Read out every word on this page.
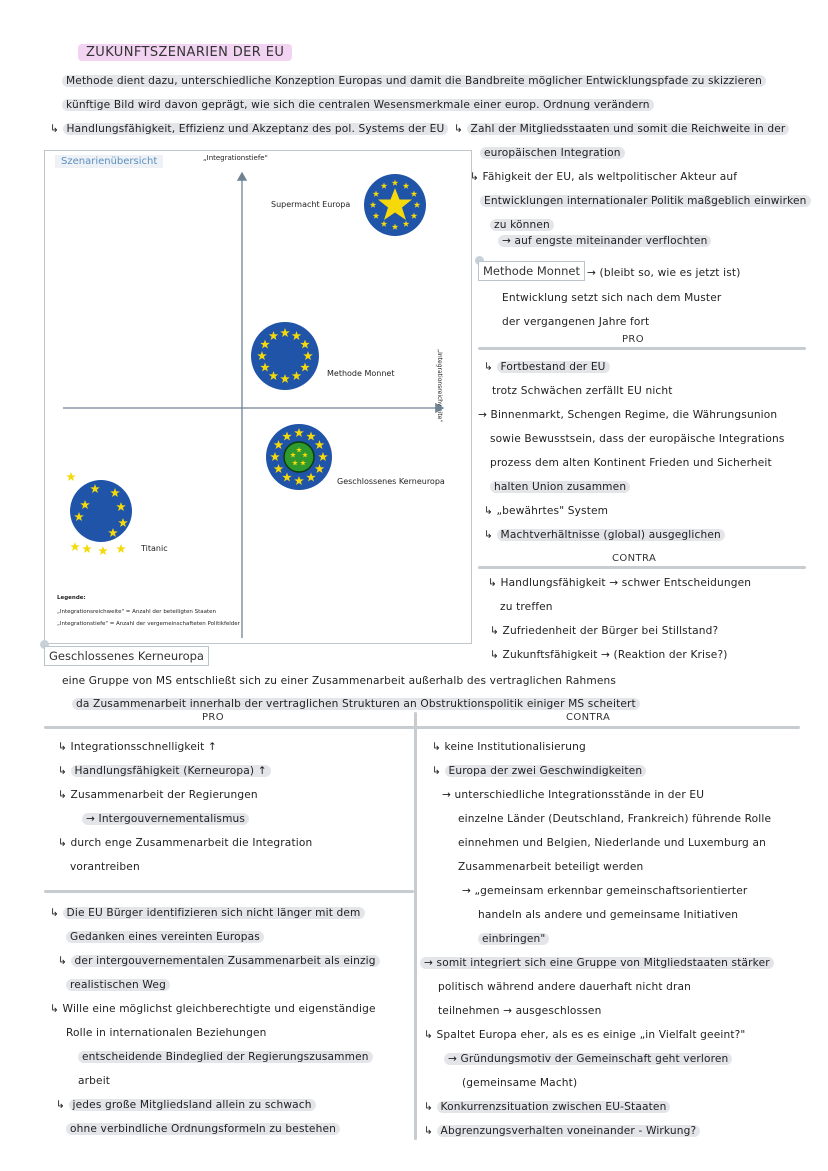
ZUKUNFTSZENARIEN DER EU
Methode dient dazu, unterschiedliche Konzeption Europas und damit die Bandbreite möglicher Entwicklungspfade zu skizzieren
künftige Bild wird davon geprägt, wie sich die centralen Wesensmerkmale einer europ. Ordnung verändern
↳ Handlungsfähigkeit, Effizienz und Akzeptanz des pol. Systems der EU ↳ Zahl der Mitgliedsstaaten und somit die Reichweite in der
europäischen Integration
Szenarienübersicht	„Integrationstiefe"
„Integrationsreichweite"
Supermacht Europa
Methode Monnet
Geschlossenes Kerneuropa
Titanic
Legende:
„Integrationsreichweite" = Anzahl der beteiligten Staaten
„Integrationstiefe" = Anzahl der vergemeinschafteten Politikfelder
↳ Fähigkeit der EU, als weltpolitischer Akteur auf
Entwicklungen internationaler Politik maßgeblich einwirken
zu können
→ auf engste miteinander verflochten
Methode Monnet → (bleibt so, wie es jetzt ist)
Entwicklung setzt sich nach dem Muster
der vergangenen Jahre fort
PRO
↳ Fortbestand der EU
trotz Schwächen zerfällt EU nicht
→ Binnenmarkt, Schengen Regime, die Währungsunion
sowie Bewusstsein, dass der europäische Integrations
prozess dem alten Kontinent Frieden und Sicherheit
halten Union zusammen
↳ „bewährtes" System
↳ Machtverhältnisse (global) ausgeglichen
CONTRA
↳ Handlungsfähigkeit → schwer Entscheidungen
zu treffen
↳ Zufriedenheit der Bürger bei Stillstand?
↳ Zukunftsfähigkeit → (Reaktion der Krise?)
Geschlossenes Kerneuropa
eine Gruppe von MS entschließt sich zu einer Zusammenarbeit außerhalb des vertraglichen Rahmens
da Zusammenarbeit innerhalb der vertraglichen Strukturen an Obstruktionspolitik einiger MS scheitert
PRO	CONTRA
↳ Integrationsschnelligkeit ↑
↳ Handlungsfähigkeit (Kerneuropa) ↑
↳ Zusammenarbeit der Regierungen
→ Intergouvernementalismus
↳ durch enge Zusammenarbeit die Integration
vorantreiben
↳ keine Institutionalisierung
↳ Europa der zwei Geschwindigkeiten
→ unterschiedliche Integrationsstände in der EU
einzelne Länder (Deutschland, Frankreich) führende Rolle
einnehmen und Belgien, Niederlande und Luxemburg an
Zusammenarbeit beteiligt werden
→ „gemeinsam erkennbar gemeinschaftsorientierter
handeln als andere und gemeinsame Initiativen
einbringen"
↳ Die EU Bürger identifizieren sich nicht länger mit dem
Gedanken eines vereinten Europas
↳ der intergouvernementalen Zusammenarbeit als einzig
realistischen Weg
↳ Wille eine möglichst gleichberechtigte und eigenständige
Rolle in internationalen Beziehungen
entscheidende Bindeglied der Regierungszusammen
arbeit
↳ jedes große Mitgliedsland allein zu schwach
ohne verbindliche Ordnungsformeln zu bestehen
→ somit integriert sich eine Gruppe von Mitgliedstaaten stärker
politisch während andere dauerhaft nicht dran
teilnehmen → ausgeschlossen
↳ Spaltet Europa eher, als es es einige „in Vielfalt geeint?"
→ Gründungsmotiv der Gemeinschaft geht verloren
(gemeinsame Macht)
↳ Konkurrenzsituation zwischen EU-Staaten
↳ Abgrenzungsverhalten voneinander - Wirkung?
